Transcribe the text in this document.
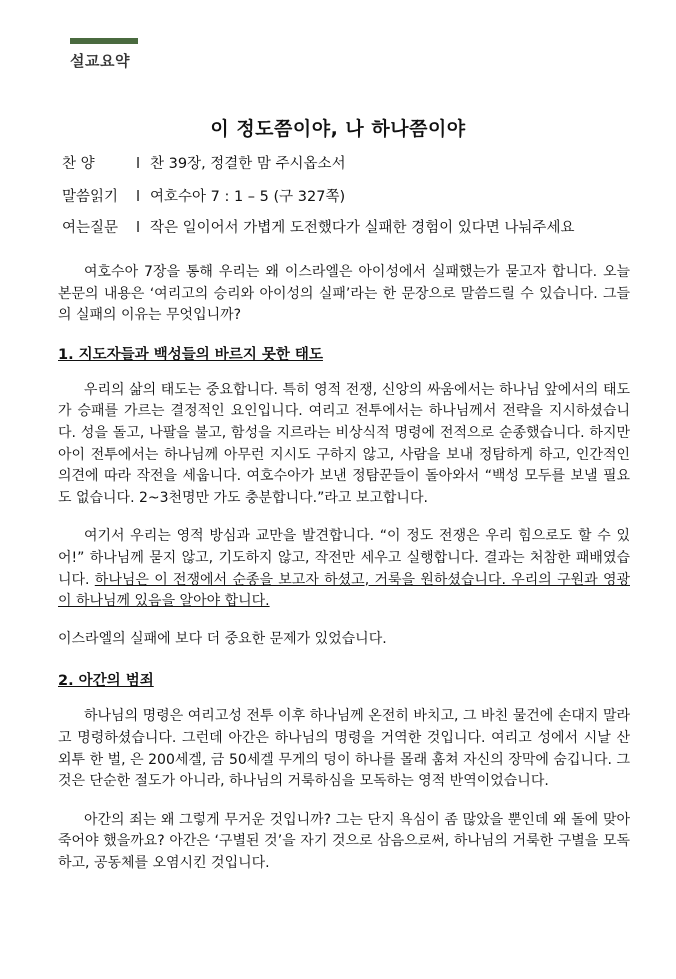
설교요약
이 정도쯤이야, 나 하나쯤이야
찬 양	l 찬 39장, 정결한 맘 주시옵소서
말씀읽기 l 여호수아 7 : 1 – 5 (구 327쪽)
여는질문 l 작은 일이어서 가볍게 도전했다가 실패한 경험이 있다면 나눠주세요

여호수아 7장을 통해 우리는 왜 이스라엘은 아이성에서 실패했는가 묻고자 합니다. 오늘 본문의 내용은 ‘여리고의 승리와 아이성의 실패’라는 한 문장으로 말씀드릴 수 있습니다. 그들의 실패의 이유는 무엇입니까?

1. 지도자들과 백성들의 바르지 못한 태도

우리의 삶의 태도는 중요합니다. 특히 영적 전쟁, 신앙의 싸움에서는 하나님 앞에서의 태도가 승패를 가르는 결정적인 요인입니다. 여리고 전투에서는 하나님께서 전략을 지시하셨습니다. 성을 돌고, 나팔을 불고, 함성을 지르라는 비상식적 명령에 전적으로 순종했습니다. 하지만 아이 전투에서는 하나님께 아무런 지시도 구하지 않고, 사람을 보내 정탐하게 하고, 인간적인 의견에 따라 작전을 세웁니다. 여호수아가 보낸 정탐꾼들이 돌아와서 “백성 모두를 보낼 필요도 없습니다. 2~3천명만 가도 충분합니다.”라고 보고합니다.

여기서 우리는 영적 방심과 교만을 발견합니다. “이 정도 전쟁은 우리 힘으로도 할 수 있어!” 하나님께 묻지 않고, 기도하지 않고, 작전만 세우고 실행합니다. 결과는 처참한 패배였습니다. 하나님은 이 전쟁에서 순종을 보고자 하셨고, 거룩을 원하셨습니다. 우리의 구원과 영광이 하나님께 있음을 알아야 합니다.

이스라엘의 실패에 보다 더 중요한 문제가 있었습니다.

2. 아간의 범죄

하나님의 명령은 여리고성 전투 이후 하나님께 온전히 바치고, 그 바친 물건에 손대지 말라고 명령하셨습니다. 그런데 아간은 하나님의 명령을 거역한 것입니다. 여리고 성에서 시날 산 외투 한 벌, 은 200세겔, 금 50세겔 무게의 덩이 하나를 몰래 훔쳐 자신의 장막에 숨깁니다. 그것은 단순한 절도가 아니라, 하나님의 거룩하심을 모독하는 영적 반역이었습니다.

아간의 죄는 왜 그렇게 무거운 것입니까? 그는 단지 욕심이 좀 많았을 뿐인데 왜 돌에 맞아 죽어야 했을까요? 아간은 ‘구별된 것’을 자기 것으로 삼음으로써, 하나님의 거룩한 구별을 모독하고, 공동체를 오염시킨 것입니다.
